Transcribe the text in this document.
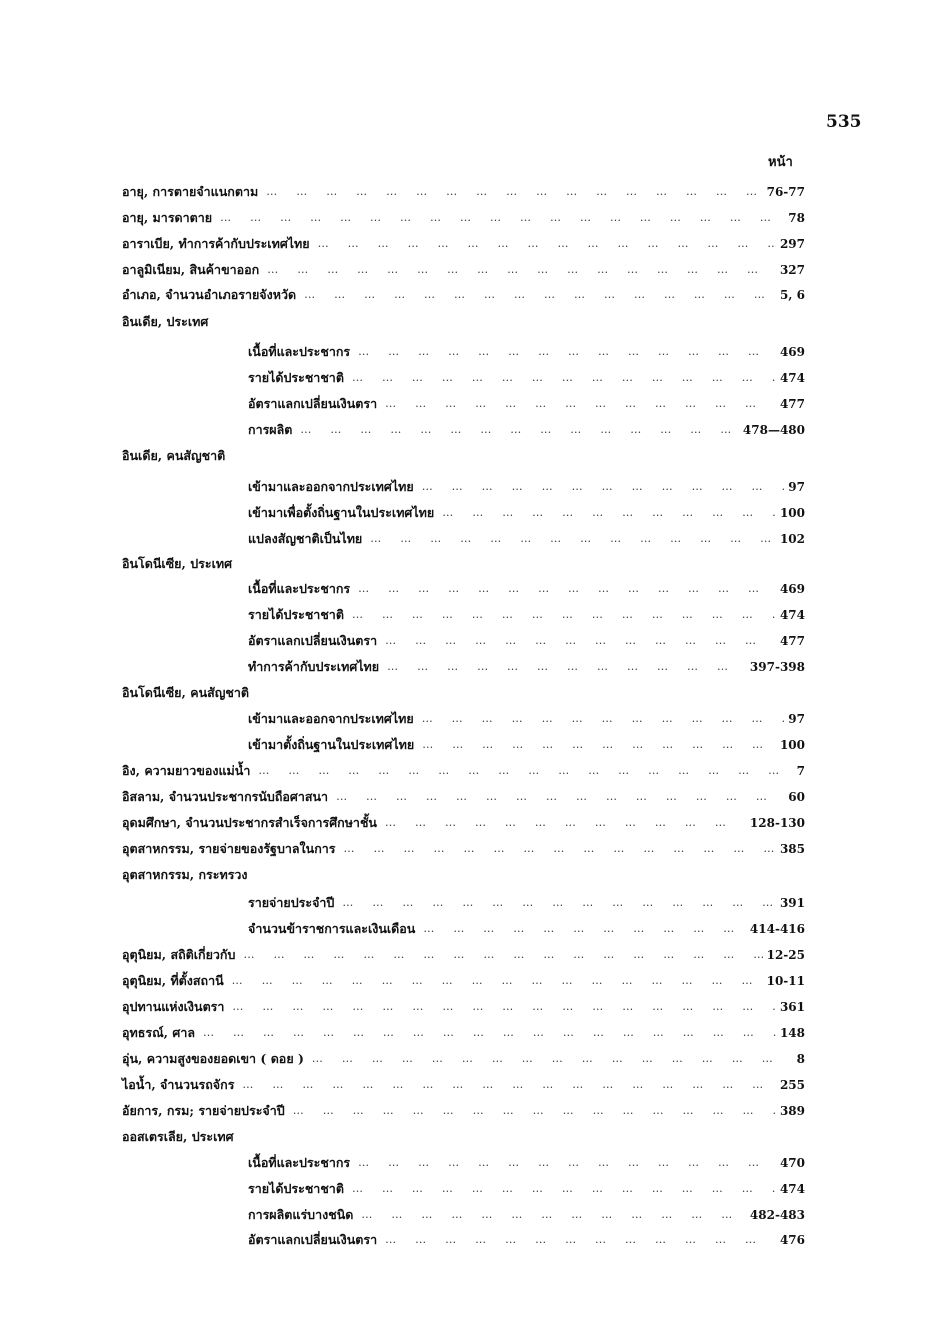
535
หน้า
อายุ, การตายจำแนกตาม … … … … … … … … … … … … … … … … … … … … … … … … … … … … … …	76-77
อายุ, มารดาตาย … … … … … … … … … … … … … … … … … … … … … … … … … … … … … …	78
อาราเบีย, ทำการค้ากับประเทศไทย … … … … … … … … … … … … … … … … … … … … … … … … … … … … … …	297
อาลูมิเนียม, สินค้าขาออก … … … … … … … … … … … … … … … … … … … … … … … … … … … … … …	327
อำเภอ, จำนวนอำเภอรายจังหวัด … … … … … … … … … … … … … … … … … … … … … … … … … … … … … …	5, 6
อินเดีย, ประเทศ
เนื้อที่และประชากร … … … … … … … … … … … … … … … … … … … … … … … … … … … … … …	469
รายได้ประชาชาติ … … … … … … … … … … … … … … … … … … … … … … … … … … … … … …	474
อัตราแลกเปลี่ยนเงินตรา … … … … … … … … … … … … … … … … … … … … … … … … … … … … … …	477
การผลิต … … … … … … … … … … … … … … … … … … … … … … … … … … … … … …	478—480
อินเดีย, คนสัญชาติ
เข้ามาและออกจากประเทศไทย … … … … … … … … … … … … … … … … … … … … … … … … … … … … … …	97
เข้ามาเพื่อตั้งถิ่นฐานในประเทศไทย … … … … … … … … … … … … … … … … … … … … … … … … … … … … … …	100
แปลงสัญชาติเป็นไทย … … … … … … … … … … … … … … … … … … … … … … … … … … … … … …	102
อินโดนีเซีย, ประเทศ
เนื้อที่และประชากร … … … … … … … … … … … … … … … … … … … … … … … … … … … … … …	469
รายได้ประชาชาติ … … … … … … … … … … … … … … … … … … … … … … … … … … … … … …	474
อัตราแลกเปลี่ยนเงินตรา … … … … … … … … … … … … … … … … … … … … … … … … … … … … … …	477
ทำการค้ากับประเทศไทย … … … … … … … … … … … … … … … … … … … … … … … … … … … … … …	397-398
อินโดนีเซีย, คนสัญชาติ
เข้ามาและออกจากประเทศไทย … … … … … … … … … … … … … … … … … … … … … … … … … … … … … …	97
เข้ามาตั้งถิ่นฐานในประเทศไทย … … … … … … … … … … … … … … … … … … … … … … … … … … … … … …	100
อิง, ความยาวของแม่น้ำ … … … … … … … … … … … … … … … … … … … … … … … … … … … … … …	7
อิสลาม, จำนวนประชากรนับถือศาสนา … … … … … … … … … … … … … … … … … … … … … … … … … … … … … …	60
อุดมศึกษา, จำนวนประชากรสำเร็จการศึกษาชั้น … … … … … … … … … … … … … … … … … … … … … … … … … … … … … …	128-130
อุตสาหกรรม, รายจ่ายของรัฐบาลในการ … … … … … … … … … … … … … … … … … … … … … … … … … … … … … …	385
อุตสาหกรรม, กระทรวง
รายจ่ายประจำปี … … … … … … … … … … … … … … … … … … … … … … … … … … … … … …	391
จำนวนข้าราชการและเงินเดือน … … … … … … … … … … … … … … … … … … … … … … … … … … … … … …	414-416
อุตุนิยม, สถิติเกี่ยวกับ … … … … … … … … … … … … … … … … … … … … … … … … … … … … … …	12-25
อุตุนิยม, ที่ตั้งสถานี … … … … … … … … … … … … … … … … … … … … … … … … … … … … … …	10-11
อุปทานแห่งเงินตรา … … … … … … … … … … … … … … … … … … … … … … … … … … … … … …	361
อุทธรณ์, ศาล … … … … … … … … … … … … … … … … … … … … … … … … … … … … … …	148
อุ่น, ความสูงของยอดเขา ( ดอย ) … … … … … … … … … … … … … … … … … … … … … … … … … … … … … …	8
ไอน้ำ, จำนวนรถจักร … … … … … … … … … … … … … … … … … … … … … … … … … … … … … …	255
อัยการ, กรม; รายจ่ายประจำปี … … … … … … … … … … … … … … … … … … … … … … … … … … … … … …	389
ออสเตรเลีย, ประเทศ
เนื้อที่และประชากร … … … … … … … … … … … … … … … … … … … … … … … … … … … … … …	470
รายได้ประชาชาติ … … … … … … … … … … … … … … … … … … … … … … … … … … … … … …	474
การผลิตแร่บางชนิด … … … … … … … … … … … … … … … … … … … … … … … … … … … … … …	482-483
อัตราแลกเปลี่ยนเงินตรา … … … … … … … … … … … … … … … … … … … … … … … … … … … … … …	476
